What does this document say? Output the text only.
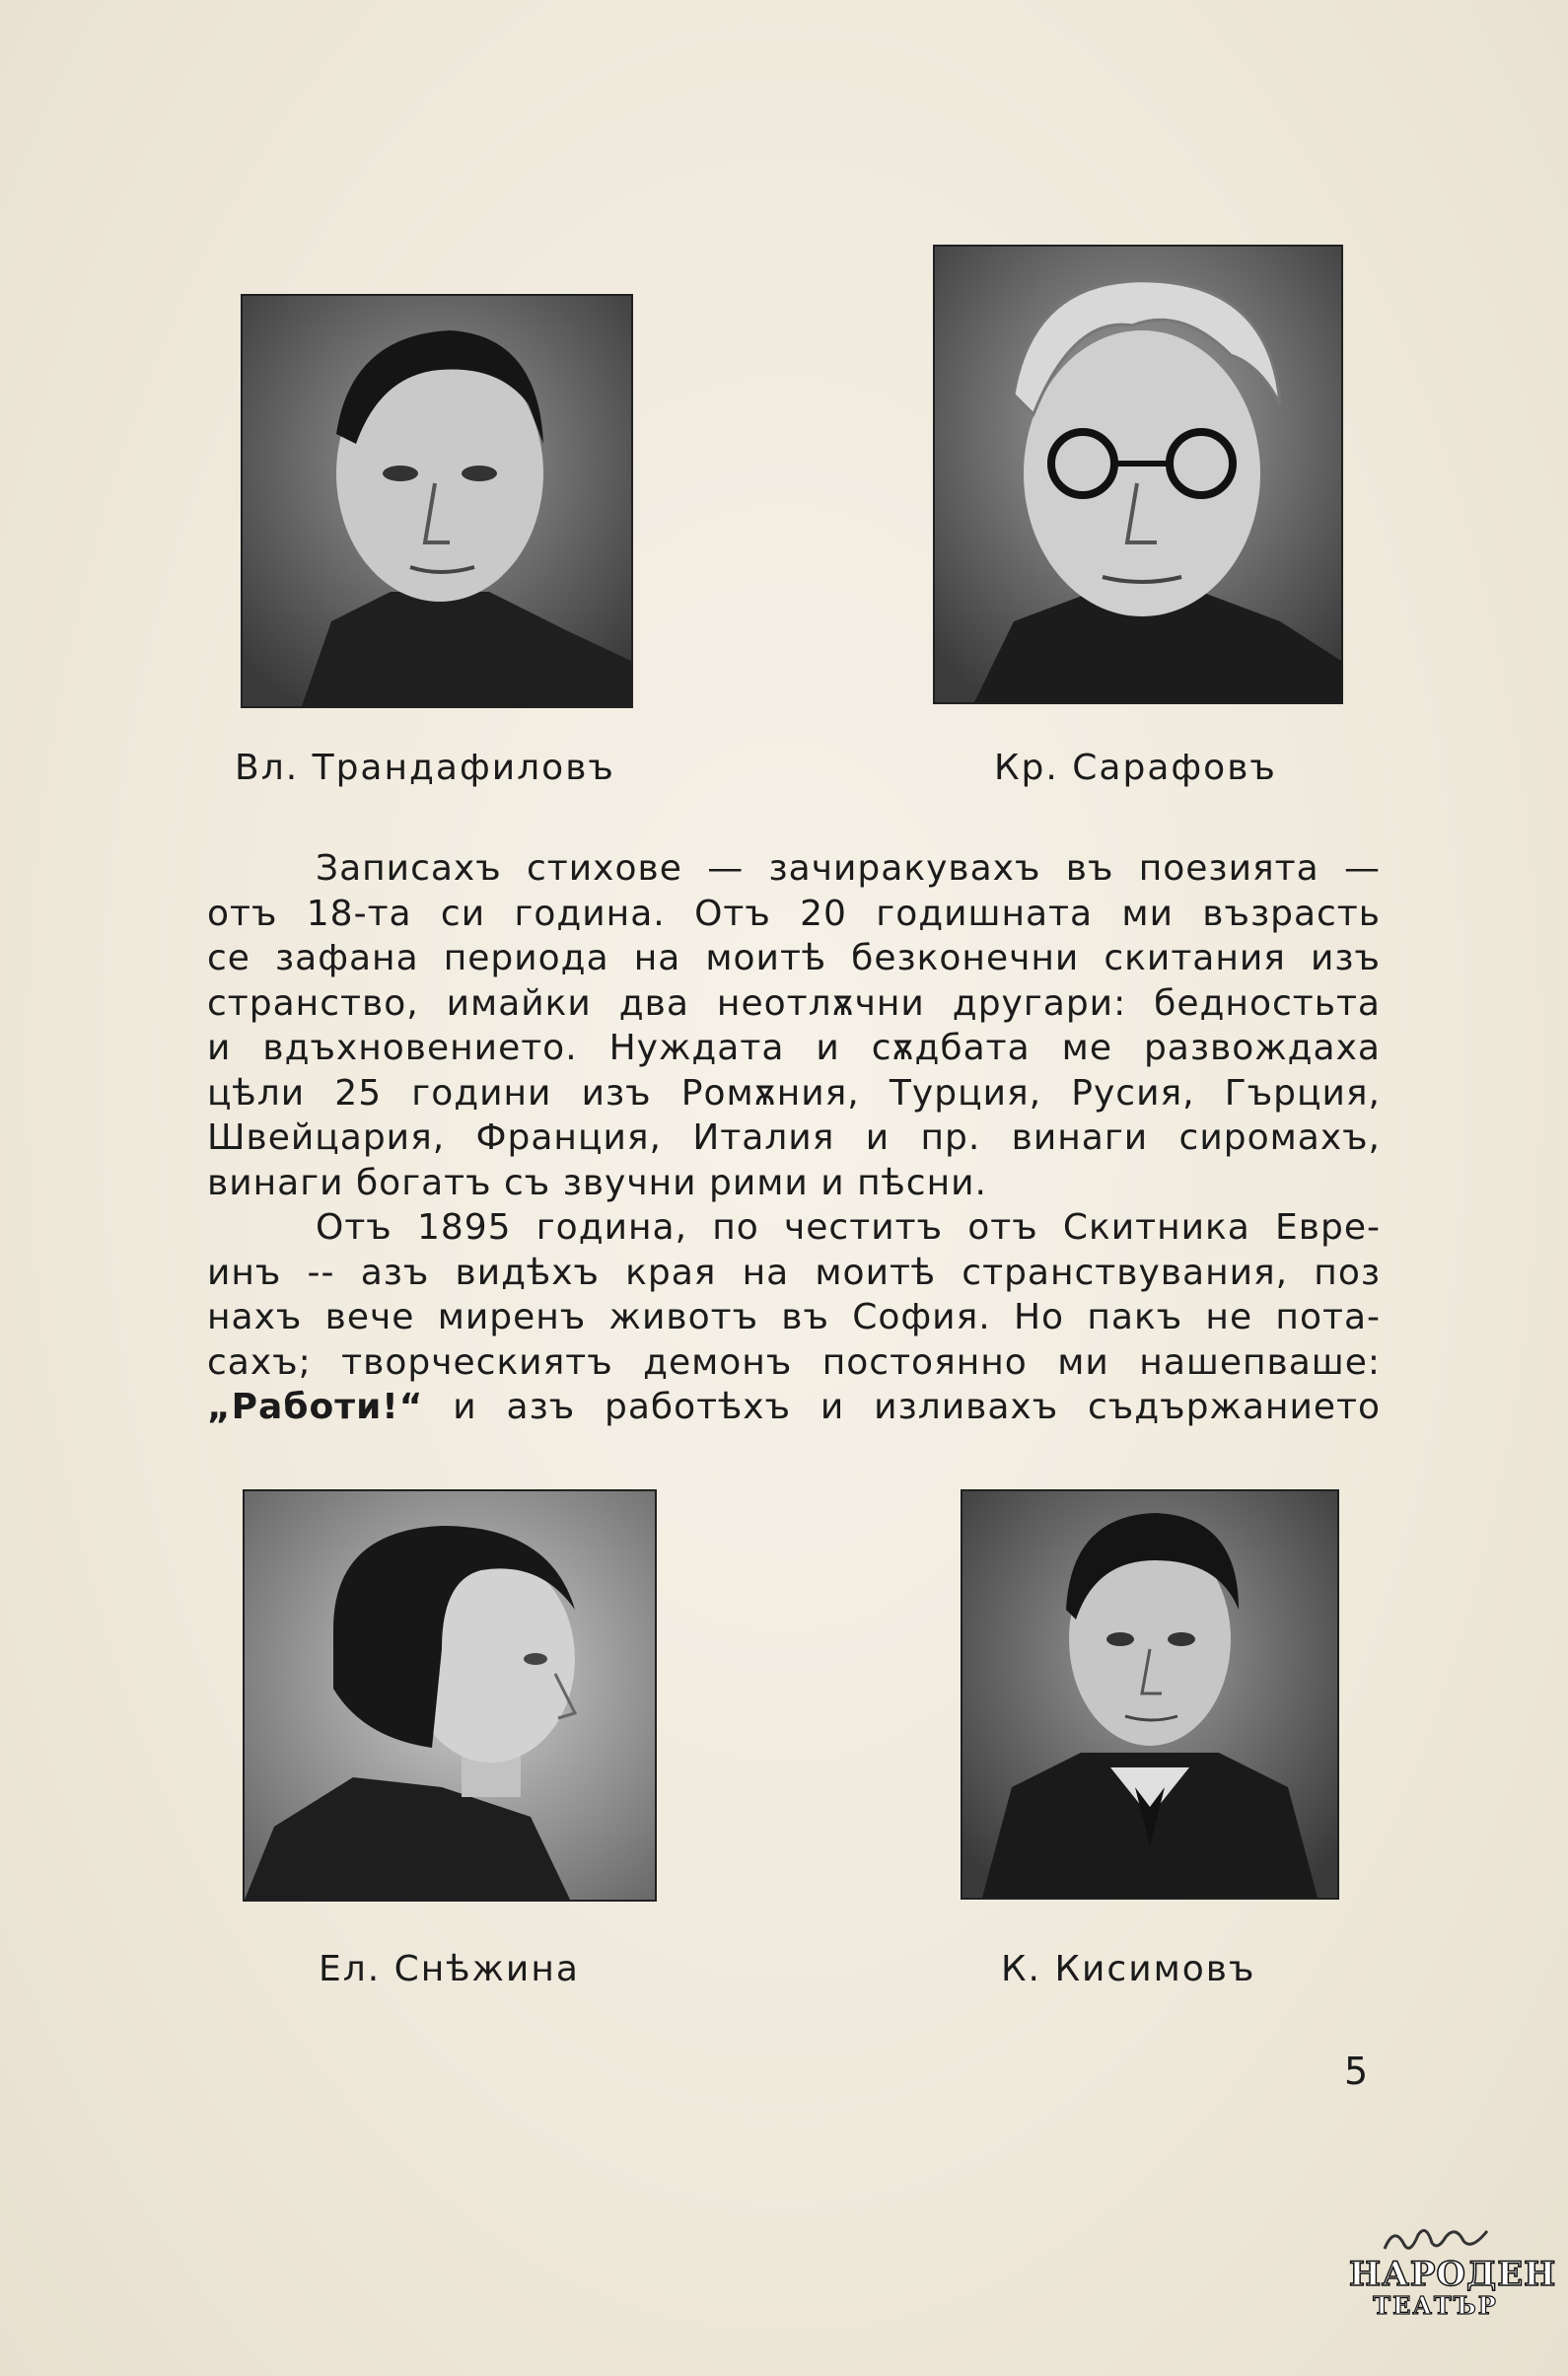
Вл. Трандафиловъ	Кр. Сарафовъ
Записахъ стихове — зачиракувахъ въ поезията —
отъ 18-та си година. Отъ 20 годишната ми възрасть
се зафана периода на моитѣ безконечни скитания изъ
странство, имайки два неотлѫчни другари: бедностьта
и вдъхновението. Нуждата и сѫдбата ме развождаха
цѣли 25 години изъ Ромѫния, Турция, Русия, Гърция,
Швейцария, Франция, Италия и пр. винаги сиромахъ,
винаги богатъ съ звучни рими и пѣсни.
Отъ 1895 година, по честитъ отъ Скитника Евре-
инъ -- азъ видѣхъ края на моитѣ странствувания, поз
нахъ вече миренъ животъ въ София. Но пакъ не пота-
сахъ; творческиятъ демонъ постоянно ми нашепваше:
„Работи!“ и азъ работѣхъ и изливахъ съдържанието
Ел. Снѣжина	К. Кисимовъ
5
НАРОДЕН
ТЕАТЪР
